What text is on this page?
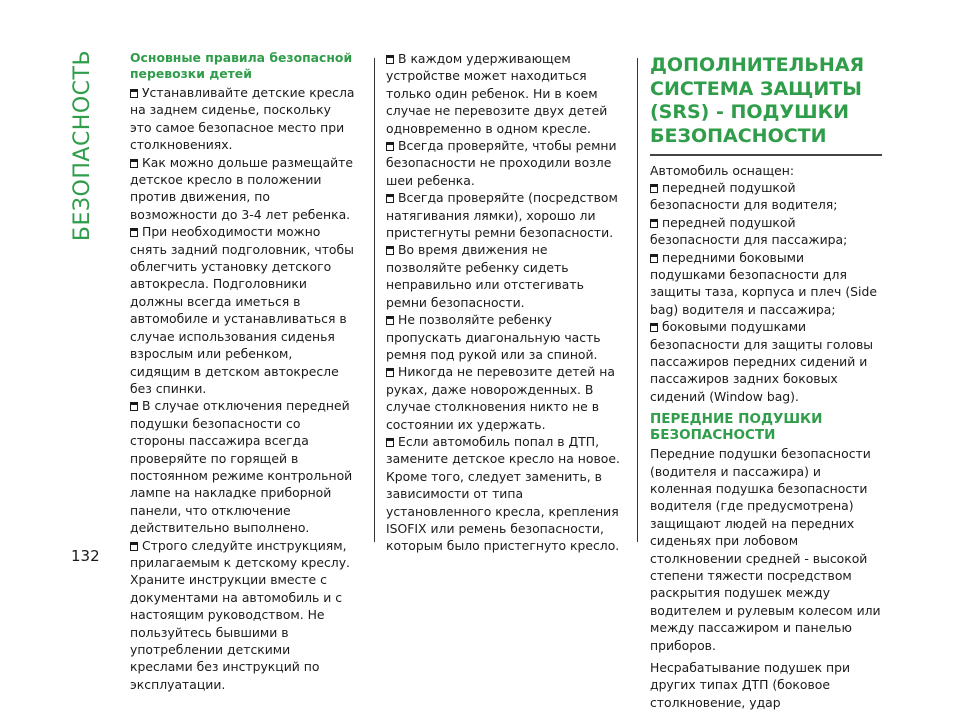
БЕЗОПАСНОСТЬ
132
Основные правила безопасной перевозки детей

Устанавливайте детские кресла на заднем сиденье, поскольку это самое безопасное место при столкновениях.

Как можно дольше размещайте детское кресло в положении против движения, по возможности до 3-4 лет ребенка.

При необходимости можно снять задний подголовник, чтобы облегчить установку детского автокресла. Подголовники должны всегда иметься в автомобиле и устанавливаться в случае использования сиденья взрослым или ребенком, сидящим в детском автокресле без спинки.

В случае отключения передней подушки безопасности со стороны пассажира всегда проверяйте по горящей в постоянном режиме контрольной лампе на накладке приборной панели, что отключение действительно выполнено.

Строго следуйте инструкциям, прилагаемым к детскому креслу. Храните инструкции вместе с документами на автомобиль и с настоящим руководством. Не пользуйтесь бывшими в употреблении детскими креслами без инструкций по эксплуатации.

В каждом удерживающем устройстве может находиться только один ребенок. Ни в коем случае не перевозите двух детей одновременно в одном кресле.

Всегда проверяйте, чтобы ремни безопасности не проходили возле шеи ребенка.

Всегда проверяйте (посредством натягивания лямки), хорошо ли пристегнуты ремни безопасности.

Во время движения не позволяйте ребенку сидеть неправильно или отстегивать ремни безопасности.

Не позволяйте ребенку пропускать диагональную часть ремня под рукой или за спиной.

Никогда не перевозите детей на руках, даже новорожденных. В случае столкновения никто не в состоянии их удержать.

Если автомобиль попал в ДТП, замените детское кресло на новое. Кроме того, следует заменить, в зависимости от типа установленного кресла, крепления ISOFIX или ремень безопасности, которым было пристегнуто кресло.

ДОПОЛНИТЕЛЬНАЯ СИСТЕМА ЗАЩИТЫ (SRS) - ПОДУШКИ БЕЗОПАСНОСТИ

Автомобиль оснащен:

передней подушкой безопасности для водителя;

передней подушкой безопасности для пассажира;

передними боковыми подушками безопасности для защиты таза, корпуса и плеч (Side bag) водителя и пассажира;

боковыми подушками безопасности для защиты головы пассажиров передних сидений и пассажиров задних боковых сидений (Window bag).

ПЕРЕДНИЕ ПОДУШКИ БЕЗОПАСНОСТИ

Передние подушки безопасности (водителя и пассажира) и коленная подушка безопасности водителя (где предусмотрена) защищают людей на передних сиденьях при лобовом столкновении средней - высокой степени тяжести посредством раскрытия подушек между водителем и рулевым колесом или между пассажиром и панелью приборов.

Несрабатывание подушек при других типах ДТП (боковое столкновение, удар
